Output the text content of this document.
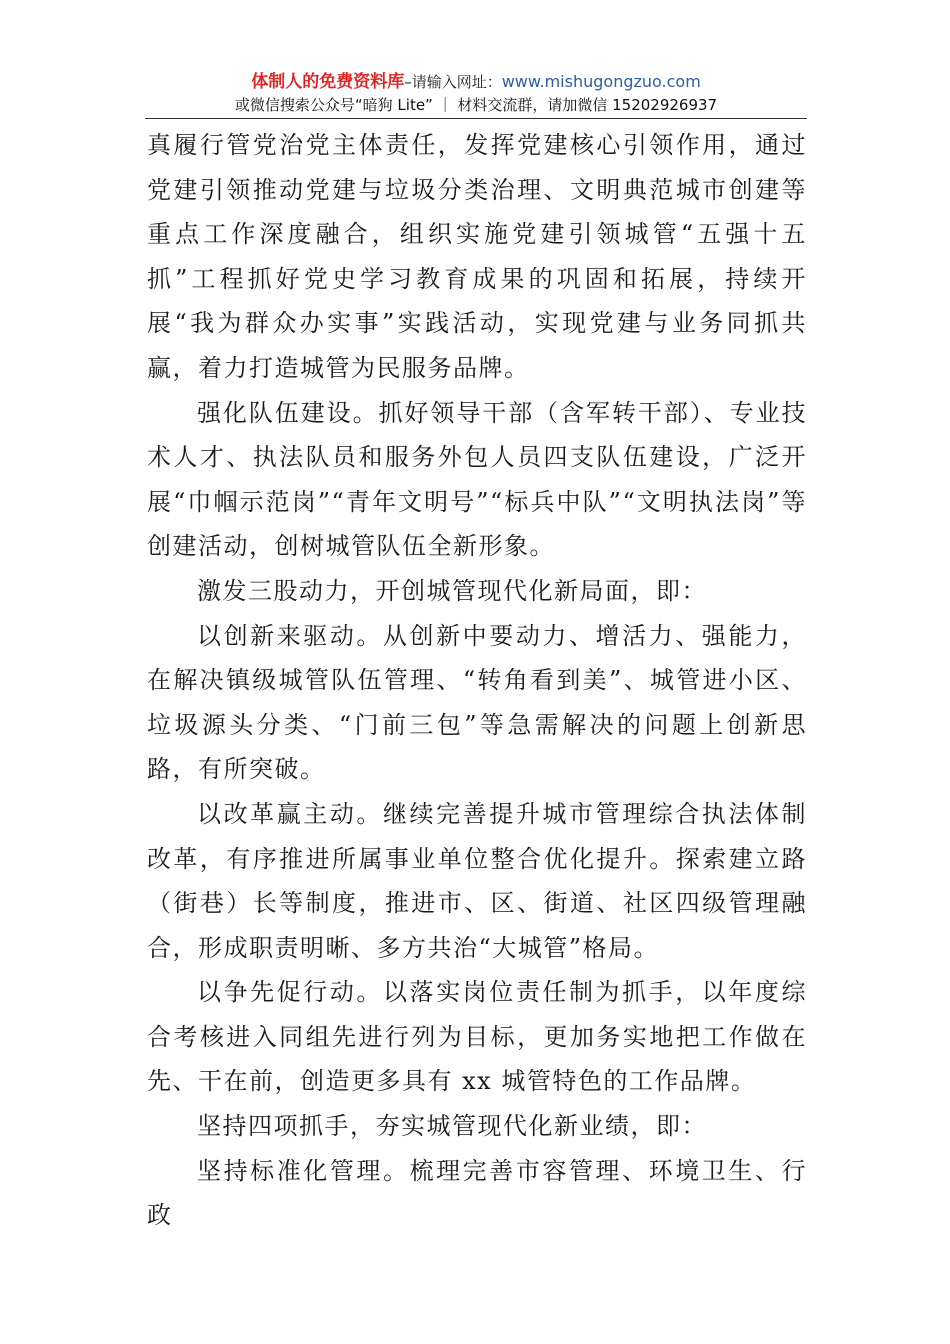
体制人的免费资料库–请输入网址：www.mishugongzuo.com
或微信搜索公众号“暗狗 Lite” ｜ 材料交流群，请加微信 15202926937

真履行管党治党主体责任，发挥党建核心引领作用，通过党建引领推动党建与垃圾分类治理、文明典范城市创建等重点工作深度融合，组织实施党建引领城管“五强十五抓”工程抓好党史学习教育成果的巩固和拓展，持续开展“我为群众办实事”实践活动，实现党建与业务同抓共赢，着力打造城管为民服务品牌。

强化队伍建设。抓好领导干部（含军转干部）、专业技术人才、执法队员和服务外包人员四支队伍建设，广泛开展“巾帼示范岗”“青年文明号”“标兵中队”“文明执法岗”等创建活动，创树城管队伍全新形象。

激发三股动力，开创城管现代化新局面，即：

以创新来驱动。从创新中要动力、增活力、强能力，在解决镇级城管队伍管理、“转角看到美”、城管进小区、垃圾源头分类、“门前三包”等急需解决的问题上创新思路，有所突破。

以改革赢主动。继续完善提升城市管理综合执法体制改革，有序推进所属事业单位整合优化提升。探索建立路（街巷）长等制度，推进市、区、街道、社区四级管理融合，形成职责明晰、多方共治“大城管”格局。

以争先促行动。以落实岗位责任制为抓手，以年度综合考核进入同组先进行列为目标，更加务实地把工作做在先、干在前，创造更多具有 xx 城管特色的工作品牌。

坚持四项抓手，夯实城管现代化新业绩，即：

坚持标准化管理。梳理完善市容管理、环境卫生、行政
